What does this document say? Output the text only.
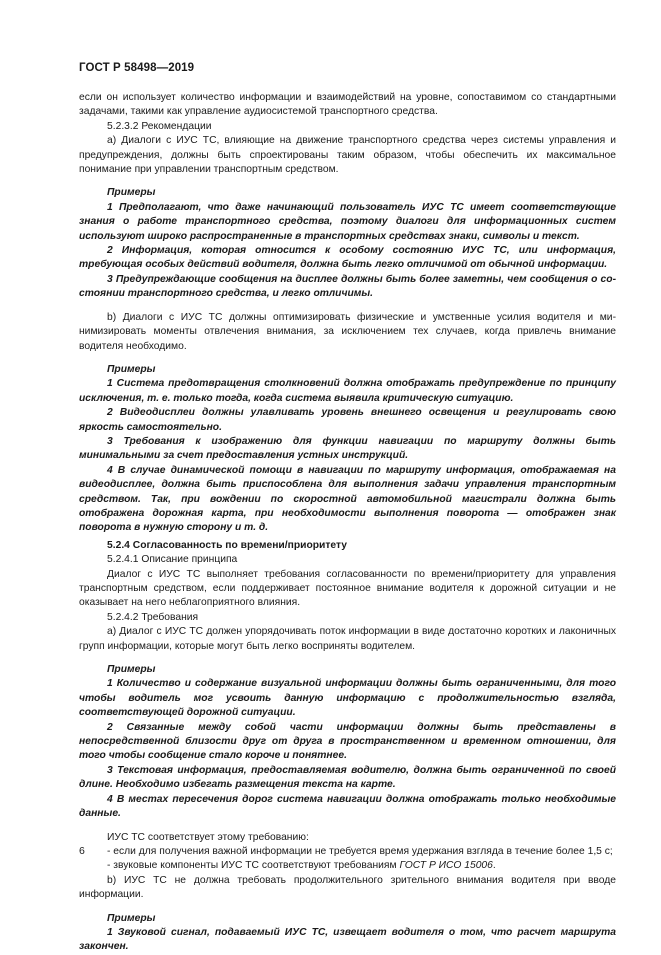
ГОСТ Р 58498—2019

если он использует количество информации и взаимодействий на уровне, сопоставимом со стандартными задачами, такими как управление аудиосистемой транспортного средства.

5.2.3.2 Рекомендации

а) Диалоги с ИУС ТС, влияющие на движение транспортного средства через системы управления и предупреждения, должны быть спроектированы таким образом, чтобы обеспечить их максимальное понимание при управлении транспортным средством.

Примеры

1 Предполагают, что даже начинающий пользователь ИУС ТС имеет соответствующие знания о работе транспортного средства, поэтому диалоги для информационных систем используют широко распространенные в транспортных средствах знаки, символы и текст.

2 Информация, которая относится к особому состоянию ИУС ТС, или информация, требующая особых действий водителя, должна быть легко отличимой от обычной информации.

3 Предупреждающие сообщения на дисплее должны быть более заметны, чем сообщения о состоянии транспортного средства, и легко отличимы.

b) Диалоги с ИУС ТС должны оптимизировать физические и умственные усилия водителя и минимизировать моменты отвлечения внимания, за исключением тех случаев, когда привлечь внимание водителя необходимо.

Примеры

1 Система предотвращения столкновений должна отображать предупреждение по принципу исключения, т. е. только тогда, когда система выявила критическую ситуацию.

2 Видеодисплеи должны улавливать уровень внешнего освещения и регулировать свою яркость самостоятельно.

3 Требования к изображению для функции навигации по маршруту должны быть минимальными за счет предоставления устных инструкций.

4 В случае динамической помощи в навигации по маршруту информация, отображаемая на видеодисплее, должна быть приспособлена для выполнения задачи управления транспортным средством. Так, при вождении по скоростной автомобильной магистрали должна быть отображена дорожная карта, при необходимости выполнения поворота — отображен знак поворота в нужную сторону и т. д.

5.2.4 Согласованность по времени/приоритету

5.2.4.1 Описание принципа

Диалог с ИУС ТС выполняет требования согласованности по времени/приоритету для управления транспортным средством, если поддерживает постоянное внимание водителя к дорожной ситуации и не оказывает на него неблагоприятного влияния.

5.2.4.2 Требования

а) Диалог с ИУС ТС должен упорядочивать поток информации в виде достаточно коротких и лаконичных групп информации, которые могут быть легко восприняты водителем.

Примеры

1 Количество и содержание визуальной информации должны быть ограниченными, для того чтобы водитель мог усвоить данную информацию с продолжительностью взгляда, соответствующей дорожной ситуации.

2 Связанные между собой части информации должны быть представлены в непосредственной близости друг от друга в пространственном и временном отношении, для того чтобы сообщение стало короче и понятнее.

3 Текстовая информация, предоставляемая водителю, должна быть ограниченной по своей длине. Необходимо избегать размещения текста на карте.

4 В местах пересечения дорог система навигации должна отображать только необходимые данные.

ИУС ТС соответствует этому требованию:

- если для получения важной информации не требуется время удержания взгляда в течение более 1,5 с;

- звуковые компоненты ИУС ТС соответствуют требованиям ГОСТ Р ИСО 15006.

b) ИУС ТС не должна требовать продолжительного зрительного внимания водителя при вводе информации.

Примеры

1 Звуковой сигнал, подаваемый ИУС ТС, извещает водителя о том, что расчет маршрута закончен.

6
